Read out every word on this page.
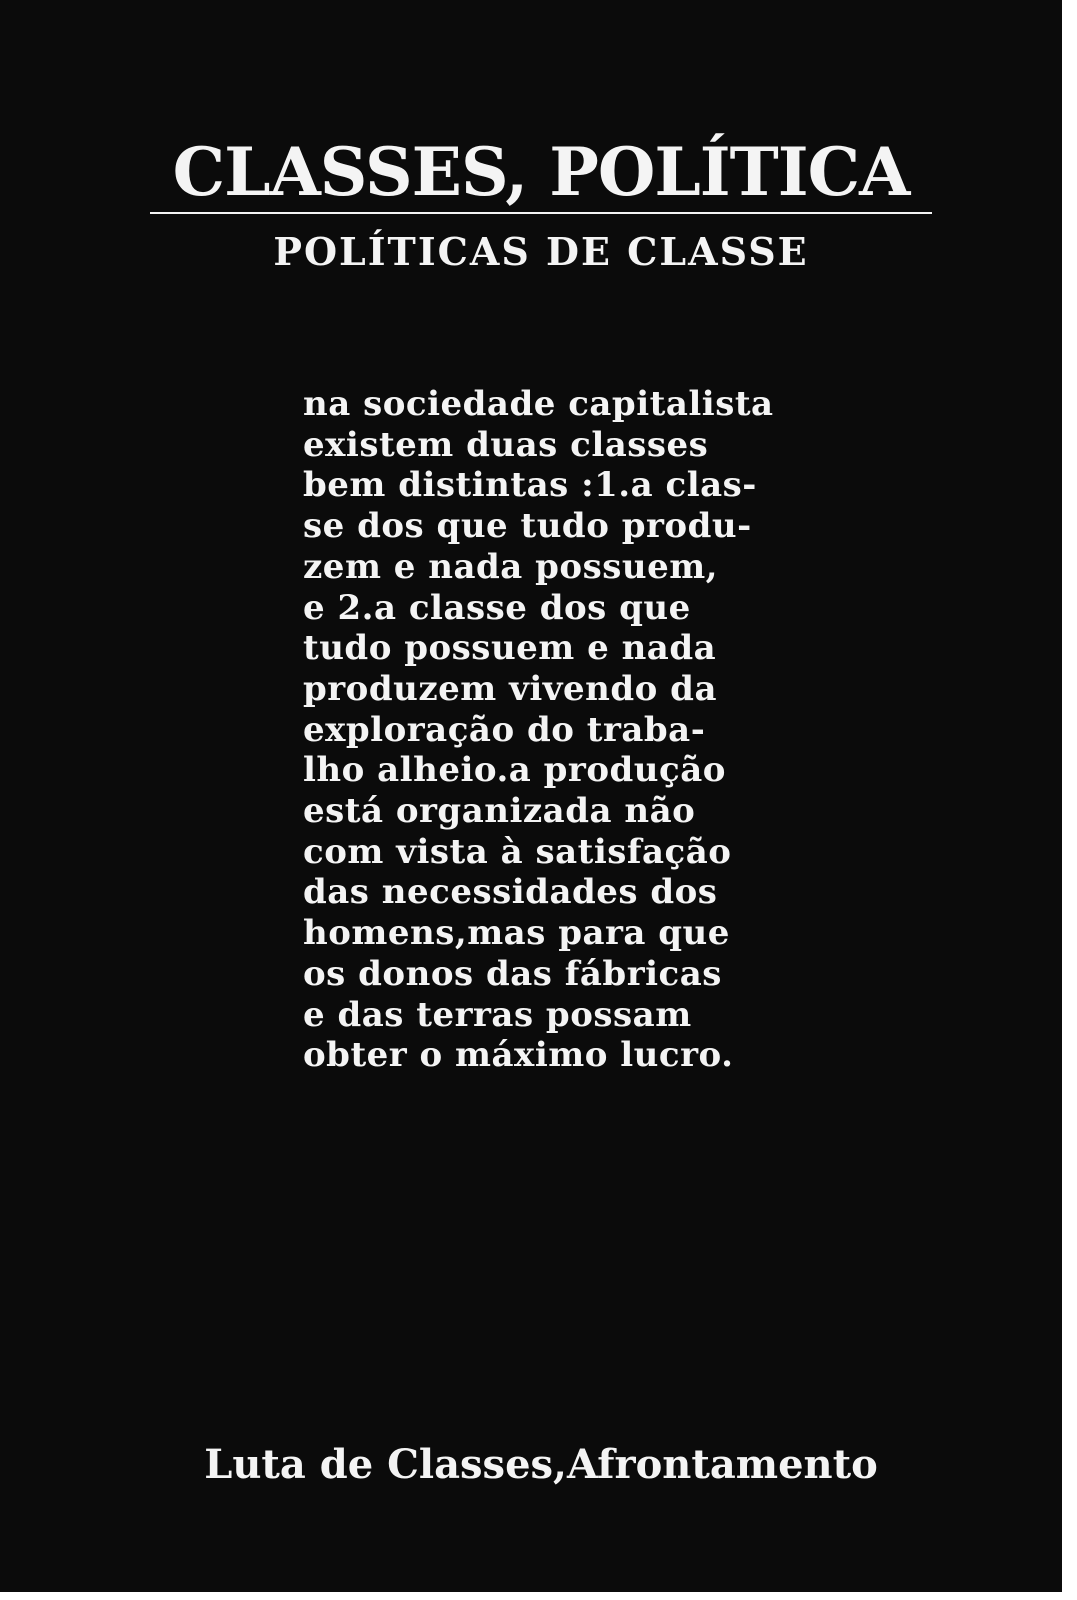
CLASSES, POLÍTICA
POLÍTICAS DE CLASSE
na sociedade capitalista
existem duas classes
bem distintas :1.a clas-
se dos que tudo produ-
zem e nada possuem,
e 2.a classe dos que
tudo possuem e nada
produzem vivendo da
exploração do traba-
lho alheio.a produção
está organizada não
com vista à satisfação
das necessidades dos
homens,mas para que
os donos das fábricas
e das terras possam
obter o máximo lucro.

Luta de Classes,Afrontamento
